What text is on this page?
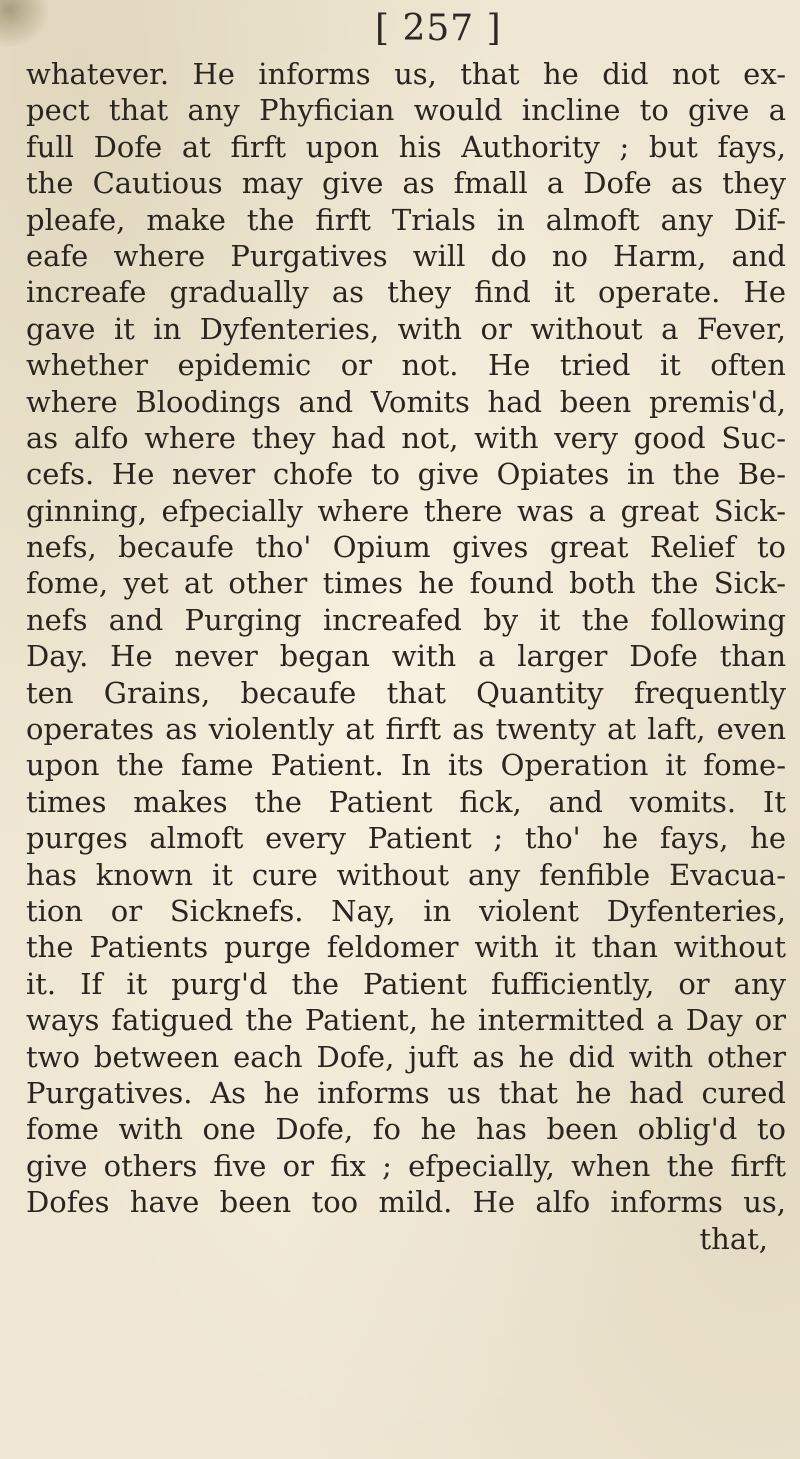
[ 257 ]
whatever. He informs us, that he did not ex-
pect that any Phyfician would incline to give a
full Dofe at firft upon his Authority ; but fays,
the Cautious may give as fmall a Dofe as they
pleafe, make the firft Trials in almoft any Dif-
eafe where Purgatives will do no Harm, and
increafe gradually as they find it operate. He
gave it in Dyfenteries, with or without a Fever,
whether epidemic or not. He tried it often
where Bloodings and Vomits had been premis'd,
as alfo where they had not, with very good Suc-
cefs. He never chofe to give Opiates in the Be-
ginning, efpecially where there was a great Sick-
nefs, becaufe tho' Opium gives great Relief to
fome, yet at other times he found both the Sick-
nefs and Purging increafed by it the following
Day. He never began with a larger Dofe than
ten Grains, becaufe that Quantity frequently
operates as violently at firft as twenty at laft, even
upon the fame Patient. In its Operation it fome-
times makes the Patient fick, and vomits. It
purges almoft every Patient ; tho' he fays, he
has known it cure without any fenfible Evacua-
tion or Sicknefs. Nay, in violent Dyfenteries,
the Patients purge feldomer with it than without
it. If it purg'd the Patient fufficiently, or any
ways fatigued the Patient, he intermitted a Day or
two between each Dofe, juft as he did with other
Purgatives. As he informs us that he had cured
fome with one Dofe, fo he has been oblig'd to
give others five or fix ; efpecially, when the firft
Dofes have been too mild. He alfo informs us,
that,
